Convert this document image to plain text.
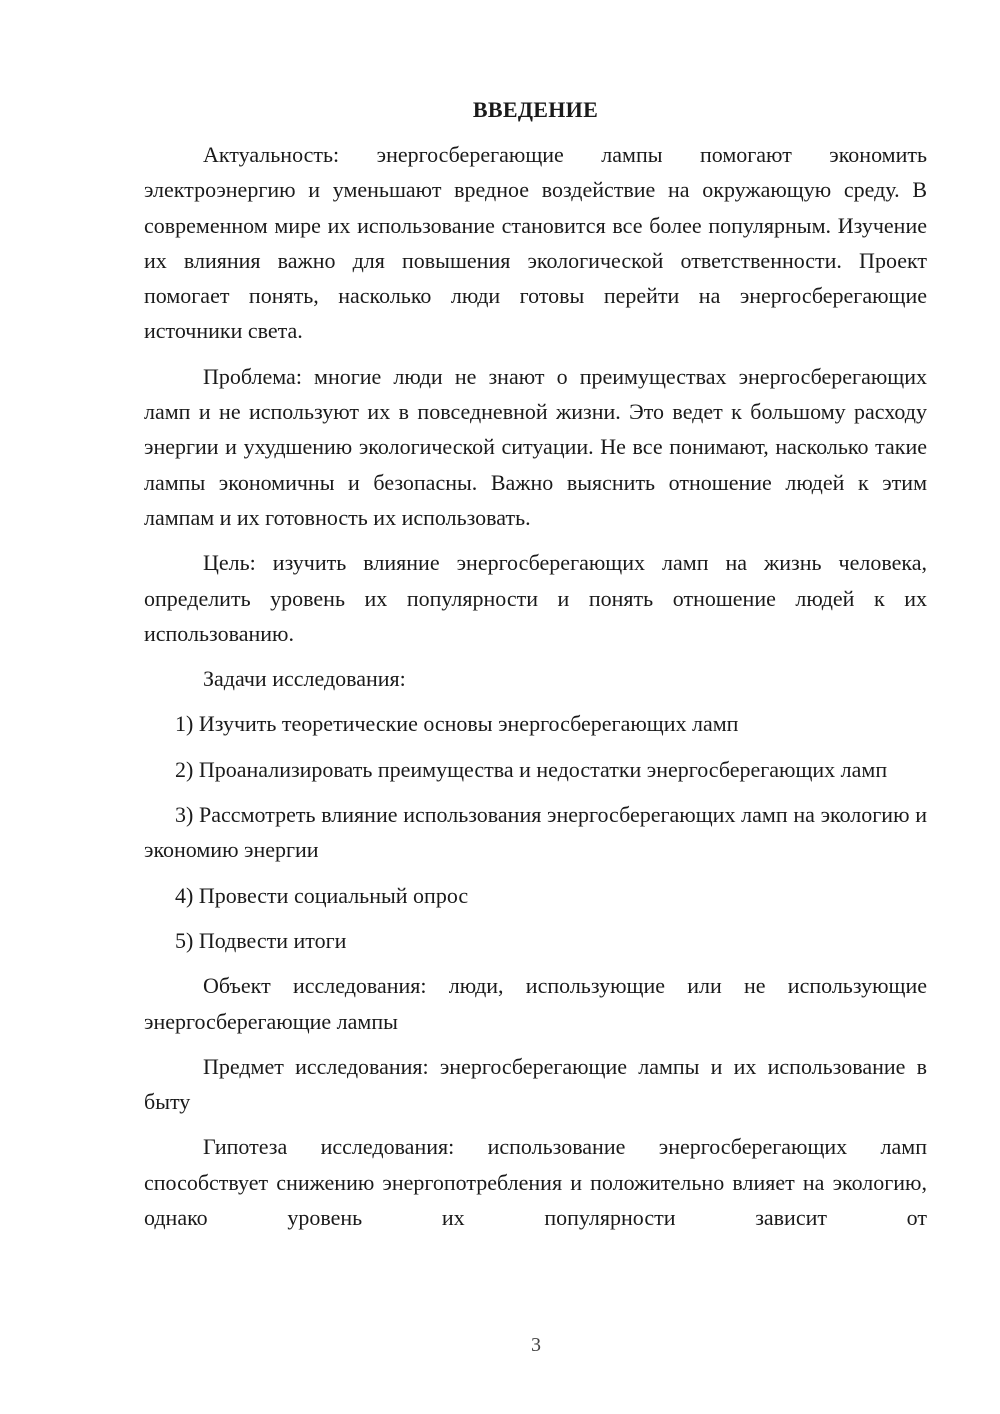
ВВЕДЕНИЕ

Актуальность: энергосберегающие лампы помогают экономить электроэнергию и уменьшают вредное воздействие на окружающую среду. В современном мире их использование становится все более популярным. Изучение их влияния важно для повышения экологической ответственности. Проект помогает понять, насколько люди готовы перейти на энергосберегающие источники света.

Проблема: многие люди не знают о преимуществах энергосберегающих ламп и не используют их в повседневной жизни. Это ведет к большому расходу энергии и ухудшению экологической ситуации. Не все понимают, насколько такие лампы экономичны и безопасны. Важно выяснить отношение людей к этим лампам и их готовность их использовать.

Цель: изучить влияние энергосберегающих ламп на жизнь человека, определить уровень их популярности и понять отношение людей к их использованию.

Задачи исследования:

1) Изучить теоретические основы энергосберегающих ламп

2) Проанализировать преимущества и недостатки энергосберегающих ламп

3) Рассмотреть влияние использования энергосберегающих ламп на экологию и экономию энергии

4) Провести социальный опрос

5) Подвести итоги

Объект исследования: люди, использующие или не использующие энергосберегающие лампы

Предмет исследования: энергосберегающие лампы и их использование в быту

Гипотеза исследования: использование энергосберегающих ламп способствует снижению энергопотребления и положительно влияет на экологию, однако уровень их популярности зависит от

3
